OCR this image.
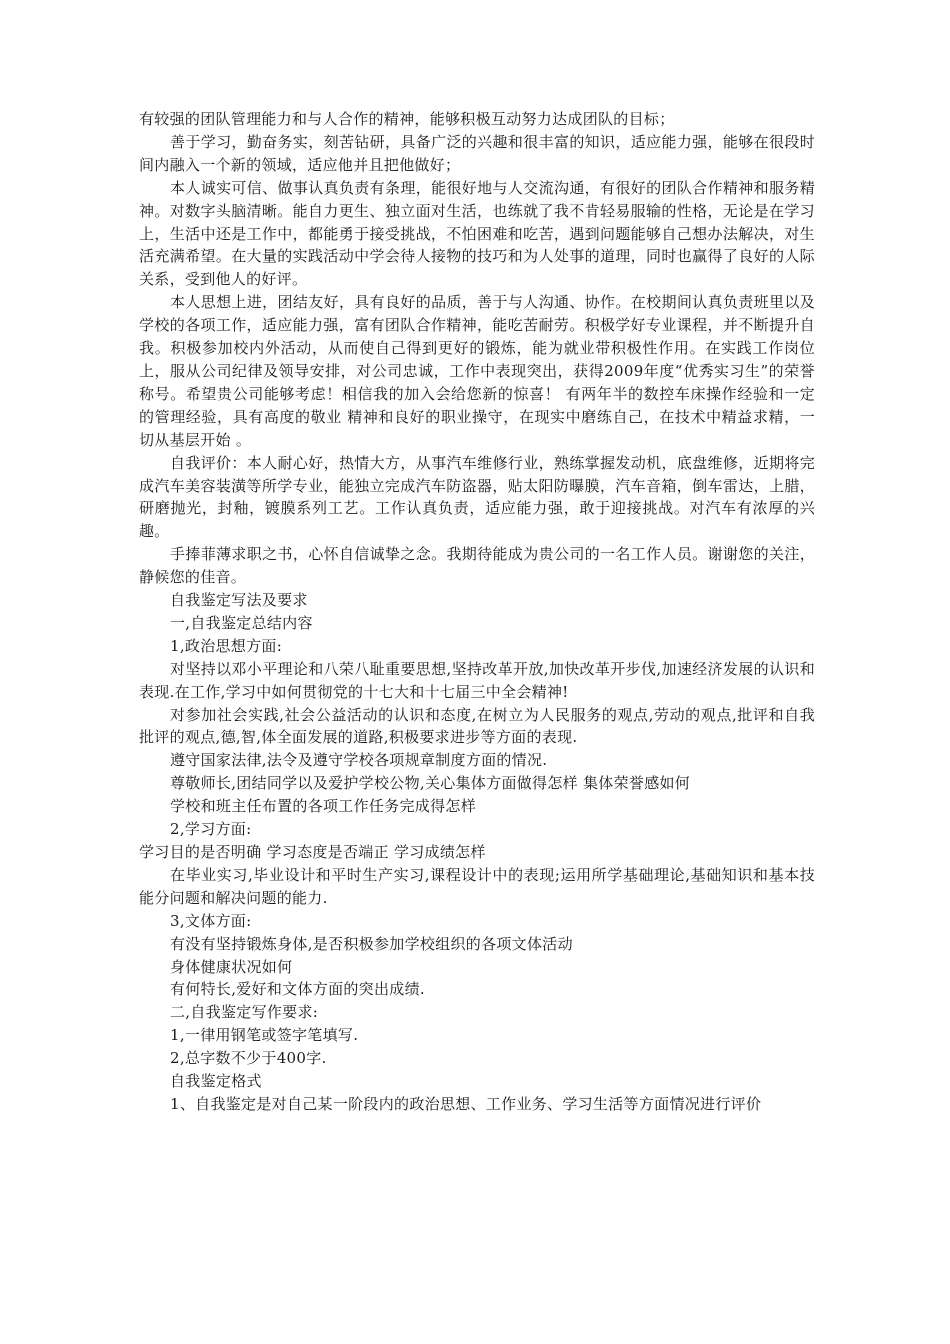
有较强的团队管理能力和与人合作的精神，能够积极互动努力达成团队的目标；

善于学习，勤奋务实，刻苦钻研，具备广泛的兴趣和很丰富的知识，适应能力强，能够在很段时间内融入一个新的领域，适应他并且把他做好；

本人诚实可信、做事认真负责有条理，能很好地与人交流沟通，有很好的团队合作精神和服务精神。对数字头脑清晰。能自力更生、独立面对生活，也练就了我不肯轻易服输的性格，无论是在学习上，生活中还是工作中，都能勇于接受挑战，不怕困难和吃苦，遇到问题能够自己想办法解决，对生活充满希望。在大量的实践活动中学会待人接物的技巧和为人处事的道理，同时也赢得了良好的人际关系，受到他人的好评。

本人思想上进，团结友好，具有良好的品质，善于与人沟通、协作。在校期间认真负责班里以及学校的各项工作，适应能力强，富有团队合作精神，能吃苦耐劳。积极学好专业课程，并不断提升自我。积极参加校内外活动，从而使自己得到更好的锻炼，能为就业带积极性作用。在实践工作岗位上，服从公司纪律及领导安排，对公司忠诚，工作中表现突出，获得2009年度“优秀实习生”的荣誉称号。希望贵公司能够考虑！相信我的加入会给您新的惊喜！ 有两年半的数控车床操作经验和一定的管理经验，具有高度的敬业 精神和良好的职业操守，在现实中磨练自己，在技术中精益求精，一切从基层开始 。

自我评价：本人耐心好，热情大方，从事汽车维修行业，熟练掌握发动机，底盘维修，近期将完成汽车美容装潢等所学专业，能独立完成汽车防盗器，贴太阳防曝膜，汽车音箱，倒车雷达，上腊，研磨抛光，封釉，镀膜系列工艺。工作认真负责，适应能力强，敢于迎接挑战。对汽车有浓厚的兴趣。

手捧菲薄求职之书，心怀自信诚挚之念。我期待能成为贵公司的一名工作人员。谢谢您的关注，静候您的佳音。

自我鉴定写法及要求

一,自我鉴定总结内容

1,政治思想方面:

对坚持以邓小平理论和八荣八耻重要思想,坚持改革开放,加快改革开步伐,加速经济发展的认识和表现.在工作,学习中如何贯彻党的十七大和十七届三中全会精神!

对参加社会实践,社会公益活动的认识和态度,在树立为人民服务的观点,劳动的观点,批评和自我批评的观点,德,智,体全面发展的道路,积极要求进步等方面的表现.

遵守国家法律,法令及遵守学校各项规章制度方面的情况.

尊敬师长,团结同学以及爱护学校公物,关心集体方面做得怎样 集体荣誉感如何

学校和班主任布置的各项工作任务完成得怎样

2,学习方面:

学习目的是否明确 学习态度是否端正 学习成绩怎样

在毕业实习,毕业设计和平时生产实习,课程设计中的表现;运用所学基础理论,基础知识和基本技能分问题和解决问题的能力.

3,文体方面:

有没有坚持锻炼身体,是否积极参加学校组织的各项文体活动

身体健康状况如何

有何特长,爱好和文体方面的突出成绩.

二,自我鉴定写作要求:

1,一律用钢笔或签字笔填写.

2,总字数不少于400字.

自我鉴定格式

1、自我鉴定是对自己某一阶段内的政治思想、工作业务、学习生活等方面情况进行评价
